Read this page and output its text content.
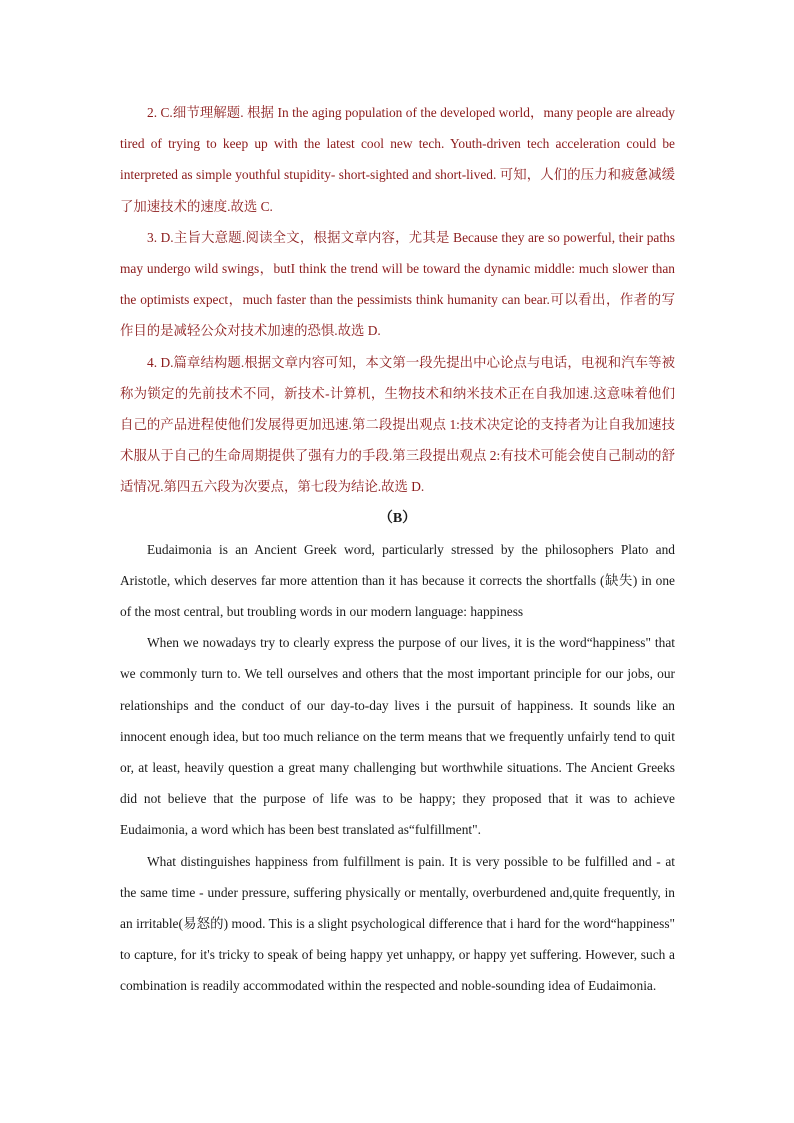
2. C.细节理解题. 根据 In the aging population of the developed world，many people are already tired of trying to keep up with the latest cool new tech. Youth-driven tech acceleration could be interpreted as simple youthful stupidity- short-sighted and short-lived. 可知，人们的压力和疲惫减缓了加速技术的速度.故选 C.

3. D.主旨大意题.阅读全文，根据文章内容，尤其是 Because they are so powerful, their paths may undergo wild swings，butI think the trend will be toward the dynamic middle: much slower than the optimists expect，much faster than the pessimists think humanity can bear.可以看出，作者的写作目的是减轻公众对技术加速的恐惧.故选 D.

4. D.篇章结构题.根据文章内容可知，本文第一段先提出中心论点与电话，电视和汽车等被称为锁定的先前技术不同，新技术-计算机，生物技术和纳米技术正在自我加速.这意味着他们自己的产品进程使他们发展得更加迅速.第二段提出观点 1:技术决定论的支持者为让自我加速技术服从于自己的生命周期提供了强有力的手段.第三段提出观点 2:有技术可能会使自己制动的舒适情况.第四五六段为次要点，第七段为结论.故选 D.

（B）

Eudaimonia is an Ancient Greek word, particularly stressed by the philosophers Plato and Aristotle, which deserves far more attention than it has because it corrects the shortfalls (缺失) in one of the most central, but troubling words in our modern language: happiness

When we nowadays try to clearly express the purpose of our lives, it is the word“happiness" that we commonly turn to. We tell ourselves and others that the most important principle for our jobs, our relationships and the conduct of our day-to-day lives i the pursuit of happiness. It sounds like an innocent enough idea, but too much reliance on the term means that we frequently unfairly tend to quit or, at least, heavily question a great many challenging but worthwhile situations. The Ancient Greeks did not believe that the purpose of life was to be happy; they proposed that it was to achieve Eudaimonia, a word which has been best translated as“fulfillment".

What distinguishes happiness from fulfillment is pain. It is very possible to be fulfilled and - at the same time - under pressure, suffering physically or mentally, overburdened and,quite frequently, in an irritable(易怒的) mood. This is a slight psychological difference that i hard for the word“happiness" to capture, for it's tricky to speak of being happy yet unhappy, or happy yet suffering. However, such a combination is readily accommodated within the respected and noble-sounding idea of Eudaimonia.
